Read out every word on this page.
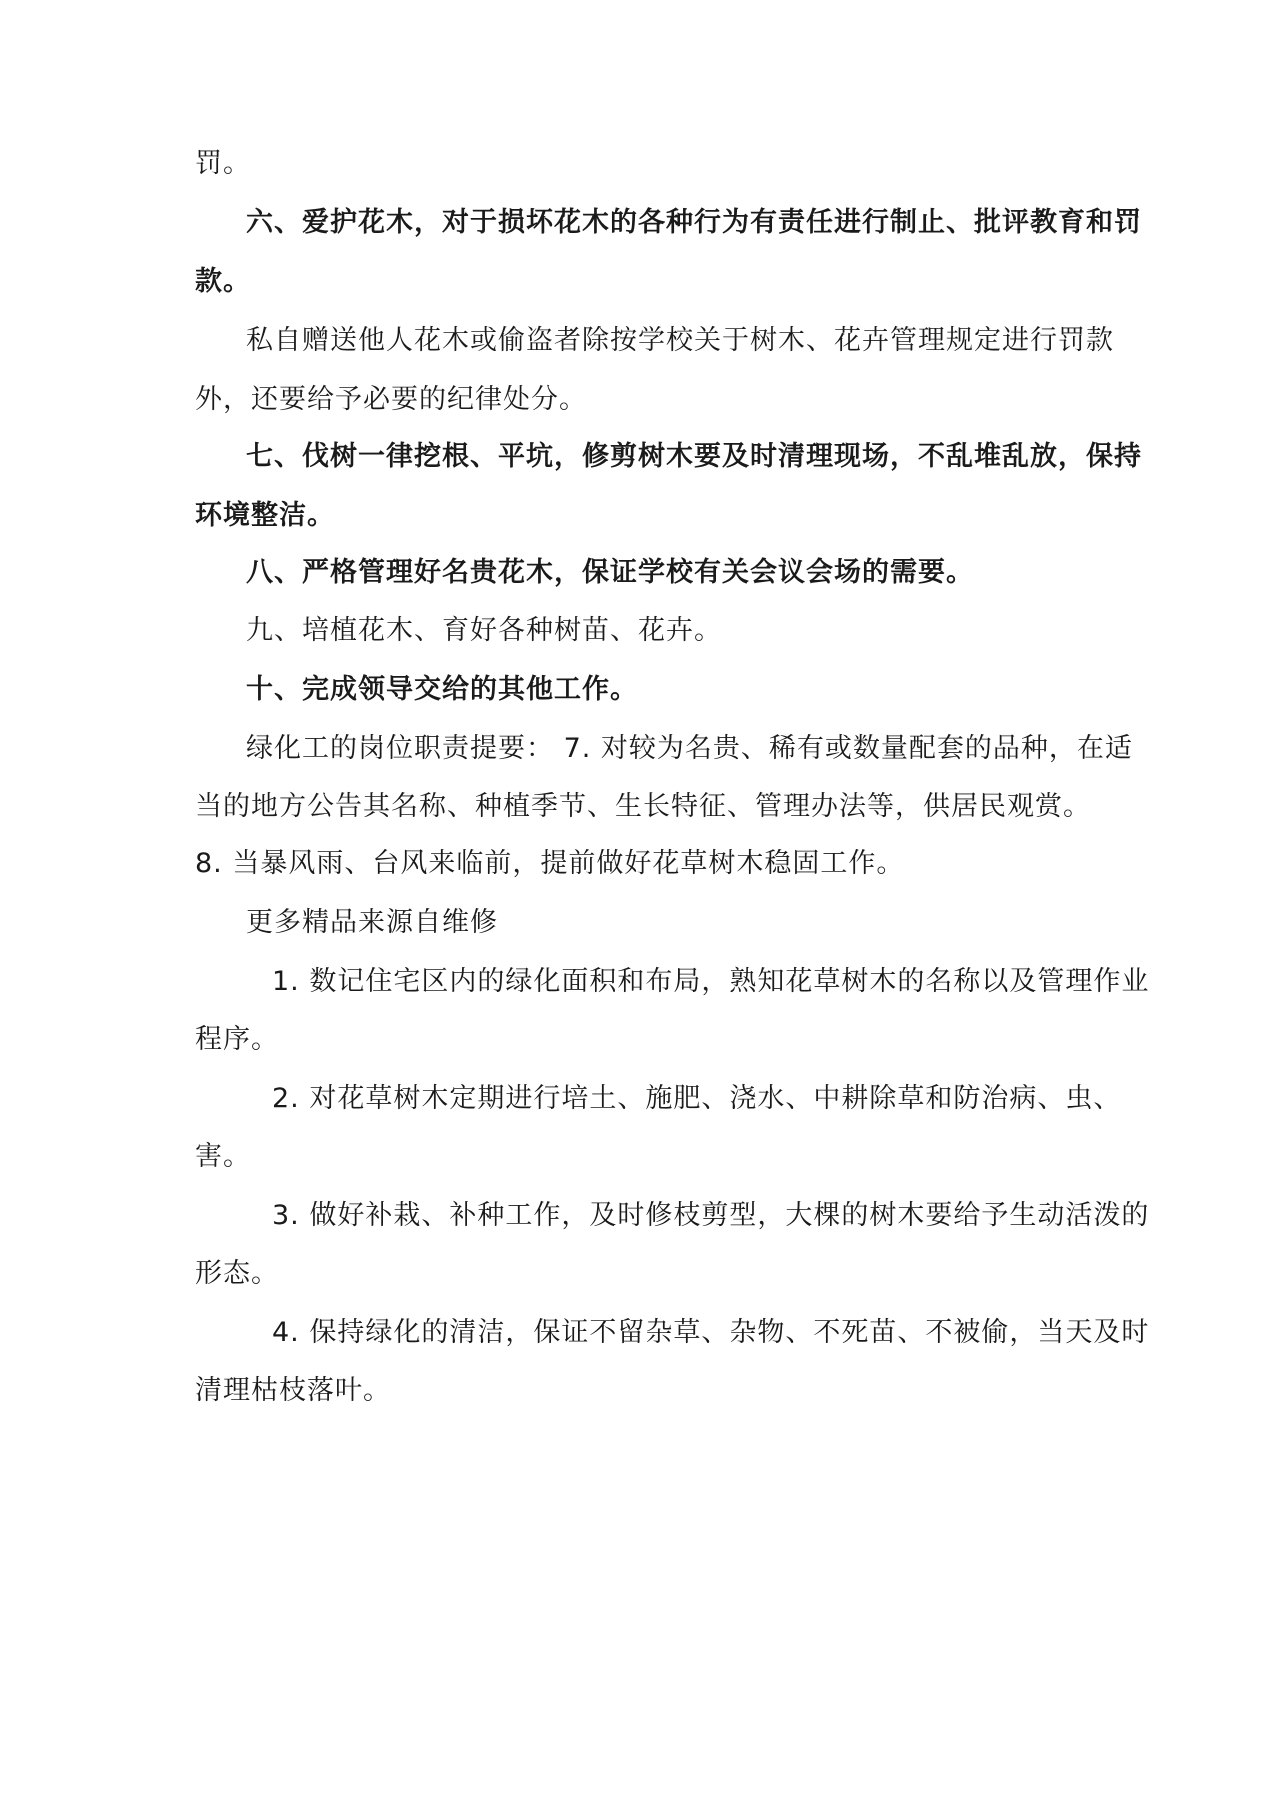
罚。
六、爱护花木，对于损坏花木的各种行为有责任进行制止、批评教育和罚
款。
私自赠送他人花木或偷盗者除按学校关于树木、花卉管理规定进行罚款
外，还要给予必要的纪律处分。
七、伐树一律挖根、平坑，修剪树木要及时清理现场，不乱堆乱放，保持
环境整洁。
八、严格管理好名贵花木，保证学校有关会议会场的需要。
九、培植花木、育好各种树苗、花卉。
十、完成领导交给的其他工作。
绿化工的岗位职责提要： 7. 对较为名贵、稀有或数量配套的品种，在适
当的地方公告其名称、种植季节、生长特征、管理办法等，供居民观赏。
8. 当暴风雨、台风来临前，提前做好花草树木稳固工作。
更多精品来源自维修
1. 数记住宅区内的绿化面积和布局，熟知花草树木的名称以及管理作业
程序。
2. 对花草树木定期进行培土、施肥、浇水、中耕除草和防治病、虫、
害。
3. 做好补栽、补种工作，及时修枝剪型，大棵的树木要给予生动活泼的
形态。
4. 保持绿化的清洁，保证不留杂草、杂物、不死苗、不被偷，当天及时
清理枯枝落叶。
